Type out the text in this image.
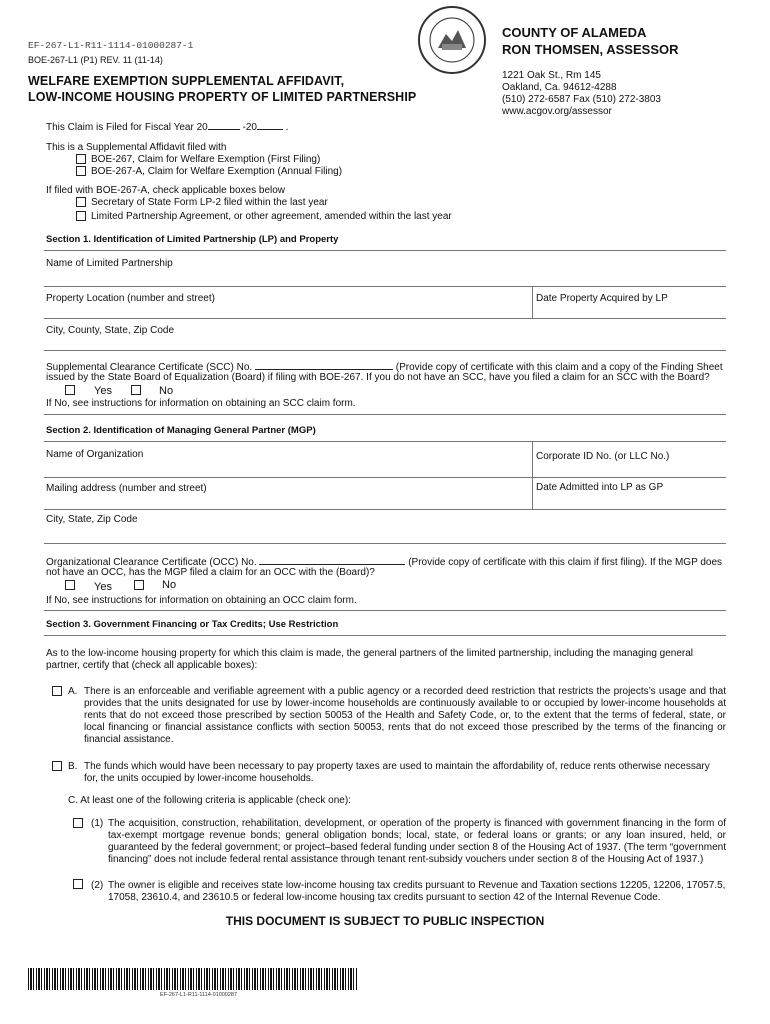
EF-267-L1-R11-1114-01000287-1
BOE-267-L1 (P1) REV. 11 (11-14)
WELFARE EXEMPTION SUPPLEMENTAL AFFIDAVIT,
LOW-INCOME HOUSING PROPERTY OF LIMITED PARTNERSHIP
COUNTY OF ALAMEDA
RON THOMSEN, ASSESSOR
1221 Oak St., Rm 145
Oakland, Ca. 94612-4288
(510) 272-6587 Fax (510) 272-3803
www.acgov.org/assessor
This Claim is Filed for Fiscal Year 20	-20	.
This is a Supplemental Affidavit filed with
BOE-267, Claim for Welfare Exemption (First Filing)
BOE-267-A, Claim for Welfare Exemption (Annual Filing)
If filed with BOE-267-A, check applicable boxes below
Secretary of State Form LP-2 filed within the last year
Limited Partnership Agreement, or other agreement, amended within the last year
Section 1. Identification of Limited Partnership (LP) and Property
Name of Limited Partnership
Property Location (number and street)	Date Property Acquired by LP
City, County, State, Zip Code
Supplemental Clearance Certificate (SCC) No.	(Provide copy of certificate with this claim and a copy of the Finding Sheet
issued by the State Board of Equalization (Board) if filing with BOE-267. If you do not have an SCC, have you filed a claim for an SCC with the Board?
Yes	No
If No, see instructions for information on obtaining an SCC claim form.
Section 2. Identification of Managing General Partner (MGP)
Name of Organization	Corporate ID No. (or LLC No.)
Mailing address (number and street)	Date Admitted into LP as GP
City, State, Zip Code
Organizational Clearance Certificate (OCC) No.	(Provide copy of certificate with this claim if first filing). If the MGP does
not have an OCC, has the MGP filed a claim for an OCC with the (Board)?
Yes	No
If No, see instructions for information on obtaining an OCC claim form.
Section 3. Government Financing or Tax Credits; Use Restriction
As to the low-income housing property for which this claim is made, the general partners of the limited partnership, including the managing general partner, certify that (check all applicable boxes):
A. There is an enforceable and verifiable agreement with a public agency or a recorded deed restriction that restricts the projects’s usage and that provides that the units designated for use by lower-income households are continuously available to or occupied by lower-income households at rents that do not exceed those prescribed by section 50053 of the Health and Safety Code, or, to the extent that the terms of federal, state, or local financing or financial assistance conflicts with section 50053, rents that do not exceed those prescribed by the terms of the financing or financial assistance.
B. The funds which would have been necessary to pay property taxes are used to maintain the affordability of, reduce rents otherwise necessary for, the units occupied by lower-income households.
C. At least one of the following criteria is applicable (check one):
(1) The acquisition, construction, rehabilitation, development, or operation of the property is financed with government financing in the form of tax-exempt mortgage revenue bonds; general obligation bonds; local, state, or federal loans or grants; or any loan insured, held, or guaranteed by the federal government; or project–based federal funding under section 8 of the Housing Act of 1937. (The term “government financing” does not include federal rental assistance through tenant rent-subsidy vouchers under section 8 of the Housing Act of 1937.)
(2) The owner is eligible and receives state low-income housing tax credits pursuant to Revenue and Taxation sections 12205, 12206, 17057.5, 17058, 23610.4, and 23610.5 or federal low-income housing tax credits pursuant to section 42 of the Internal Revenue Code.
THIS DOCUMENT IS SUBJECT TO PUBLIC INSPECTION
EF-267-L1-R11-1114-01000287
